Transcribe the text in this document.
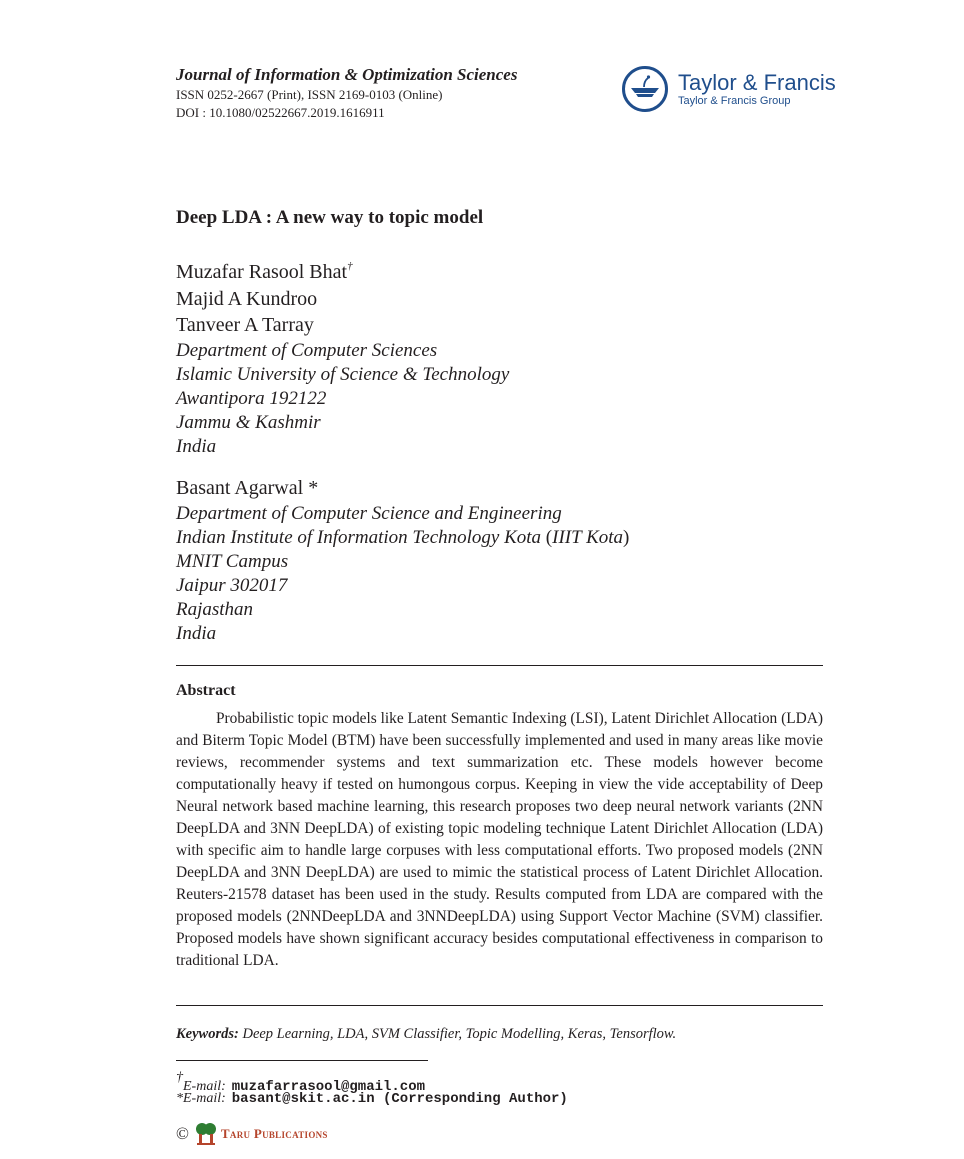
Journal of Information & Optimization Sciences
ISSN 0252-2667 (Print), ISSN 2169-0103 (Online)
DOI : 10.1080/02522667.2019.1616911
Taylor & Francis
Taylor & Francis Group
Deep LDA : A new way to topic model
Muzafar Rasool Bhat†
Majid A Kundroo
Tanveer A Tarray
Department of Computer Sciences
Islamic University of Science & Technology
Awantipora 192122
Jammu & Kashmir
India
Basant Agarwal *
Department of Computer Science and Engineering
Indian Institute of Information Technology Kota (IIIT Kota)
MNIT Campus
Jaipur 302017
Rajasthan
India
Abstract
Probabilistic topic models like Latent Semantic Indexing (LSI), Latent Dirichlet Allocation (LDA) and Biterm Topic Model (BTM) have been successfully implemented and used in many areas like movie reviews, recommender systems and text summarization etc. These models however become computationally heavy if tested on humongous corpus. Keeping in view the vide acceptability of Deep Neural network based machine learning, this research proposes two deep neural network variants (2NN DeepLDA and 3NN DeepLDA) of existing topic modeling technique Latent Dirichlet Allocation (LDA) with specific aim to handle large corpuses with less computational efforts. Two proposed models (2NN DeepLDA and 3NN DeepLDA) are used to mimic the statistical process of Latent Dirichlet Allocation. Reuters-21578 dataset has been used in the study. Results computed from LDA are compared with the proposed models (2NNDeepLDA and 3NNDeepLDA) using Support Vector Machine (SVM) classifier. Proposed models have shown significant accuracy besides computational effectiveness in comparison to traditional LDA.
Keywords: Deep Learning, LDA, SVM Classifier, Topic Modelling, Keras, Tensorflow.
†E-mail: muzafarrasool@gmail.com
*E-mail: basant@skit.ac.in (Corresponding Author)
© Taru Publications
